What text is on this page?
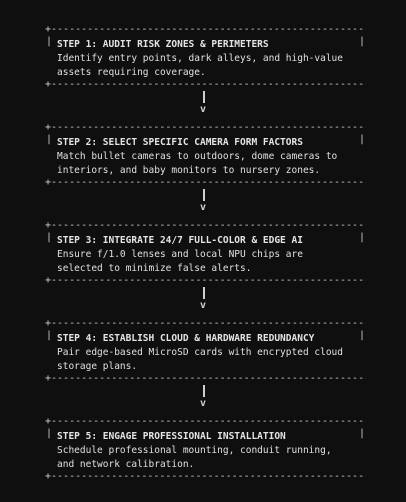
+-----------------------------------------------------+
|	|
STEP 1: AUDIT RISK ZONES & PERIMETERS
Identify entry points, dark alleys, and high-value assets requiring coverage.
+-----------------------------------------------------+
v
+-----------------------------------------------------+
|	|
STEP 2: SELECT SPECIFIC CAMERA FORM FACTORS
Match bullet cameras to outdoors, dome cameras to interiors, and baby monitors to nursery zones.
+-----------------------------------------------------+
v
+-----------------------------------------------------+
|	|
STEP 3: INTEGRATE 24/7 FULL-COLOR & EDGE AI
Ensure f/1.0 lenses and local NPU chips are selected to minimize false alerts.
+-----------------------------------------------------+
v
+-----------------------------------------------------+
|	|
STEP 4: ESTABLISH CLOUD & HARDWARE REDUNDANCY
Pair edge-based MicroSD cards with encrypted cloud storage plans.
+-----------------------------------------------------+
v
+-----------------------------------------------------+
|	|
STEP 5: ENGAGE PROFESSIONAL INSTALLATION
Schedule professional mounting, conduit running, and network calibration.
+-----------------------------------------------------+
